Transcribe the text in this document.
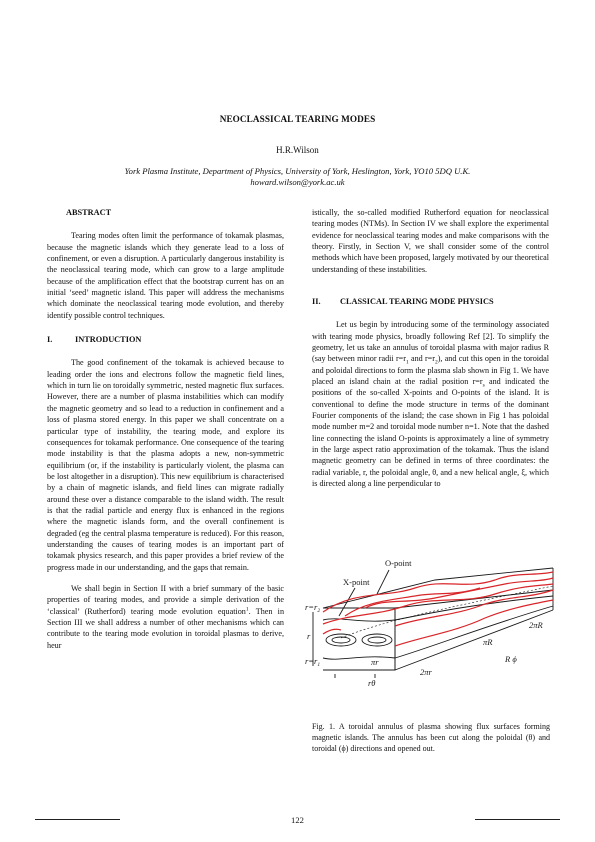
NEOCLASSICAL TEARING MODES
H.R.Wilson
York Plasma Institute, Department of Physics, University of York, Heslington, York, YO10 5DQ U.K.
howard.wilson@york.ac.uk
ABSTRACT

Tearing modes often limit the performance of tokamak plasmas, because the magnetic islands which they generate lead to a loss of confinement, or even a disruption. A particularly dangerous instability is the neoclassical tearing mode, which can grow to a large amplitude because of the amplification effect that the bootstrap current has on an initial ‘seed’ magnetic island. This paper will address the mechanisms which dominate the neoclassical tearing mode evolution, and thereby identify possible control techniques.

I.	INTRODUCTION

The good confinement of the tokamak is achieved because to leading order the ions and electrons follow the magnetic field lines, which in turn lie on toroidally symmetric, nested magnetic flux surfaces. However, there are a number of plasma instabilities which can modify the magnetic geometry and so lead to a reduction in confinement and a loss of plasma stored energy. In this paper we shall concentrate on a particular type of instability, the tearing mode, and explore its consequences for tokamak performance. One consequence of the tearing mode instability is that the plasma adopts a new, non-symmetric equilibrium (or, if the instability is particularly violent, the plasma can be lost altogether in a disruption). This new equilibrium is characterised by a chain of magnetic islands, and field lines can migrate radially around these over a distance comparable to the island width. The result is that the radial particle and energy flux is enhanced in the regions where the magnetic islands form, and the overall confinement is degraded (eg the central plasma temperature is reduced). For this reason, understanding the causes of tearing modes is an important part of tokamak physics research, and this paper provides a brief review of the progress made in our understanding, and the gaps that remain.

We shall begin in Section II with a brief summary of the basic properties of tearing modes, and provide a simple derivation of the ‘classical’ (Rutherford) tearing mode evolution equation$^1$. Then in Section III we shall address a number of other mechanisms which can contribute to the tearing mode evolution in toroidal plasmas to derive, heur

II. CLASSICAL TEARING MODE PHYSICS

Let us begin by introducing some of the terminology associated with tearing mode physics, broadly following Ref [2]. To simplify the geometry, let us take an annulus of toroidal plasma with major radius R (say between minor radii $r=r_1$ and $r=r_2$), and cut this open in the toroidal and poloidal directions to form the plasma slab shown in Fig 1. We have placed an island chain at the radial position $r=r_s$ and indicated the positions of the so-called X-points and O-points of the island. It is conventional to define the mode structure in terms of the dominant Fourier components of the island; the case shown in Fig 1 has poloidal mode number m=2 and toroidal mode number n=1. Note that the dashed line connecting the island O-points is approximately a line of symmetry in the large aspect ratio approximation of the tokamak. Thus the island magnetic geometry can be defined in terms of three coordinates: the radial variable, r, the poloidal angle, θ, and a new helical angle, ξ, which is directed along a line perpendicular to

istically, the so-called modified Rutherford equation for neoclassical tearing modes (NTMs). In Section IV we shall explore the experimental evidence for neoclassical tearing modes and make comparisons with the theory. Firstly, in Section V, we shall consider some of the control methods which have been proposed, largely motivated by our theoretical understanding of these instabilities.

O-point
X-point
$r=r_2$
r
$r=r_1$	πr
2πr
rθ
πR
2πR
R ϕ
Fig. 1. A toroidal annulus of plasma showing flux surfaces forming magnetic islands. The annulus has been cut along the poloidal (θ) and toroidal (ϕ) directions and opened out.
122
